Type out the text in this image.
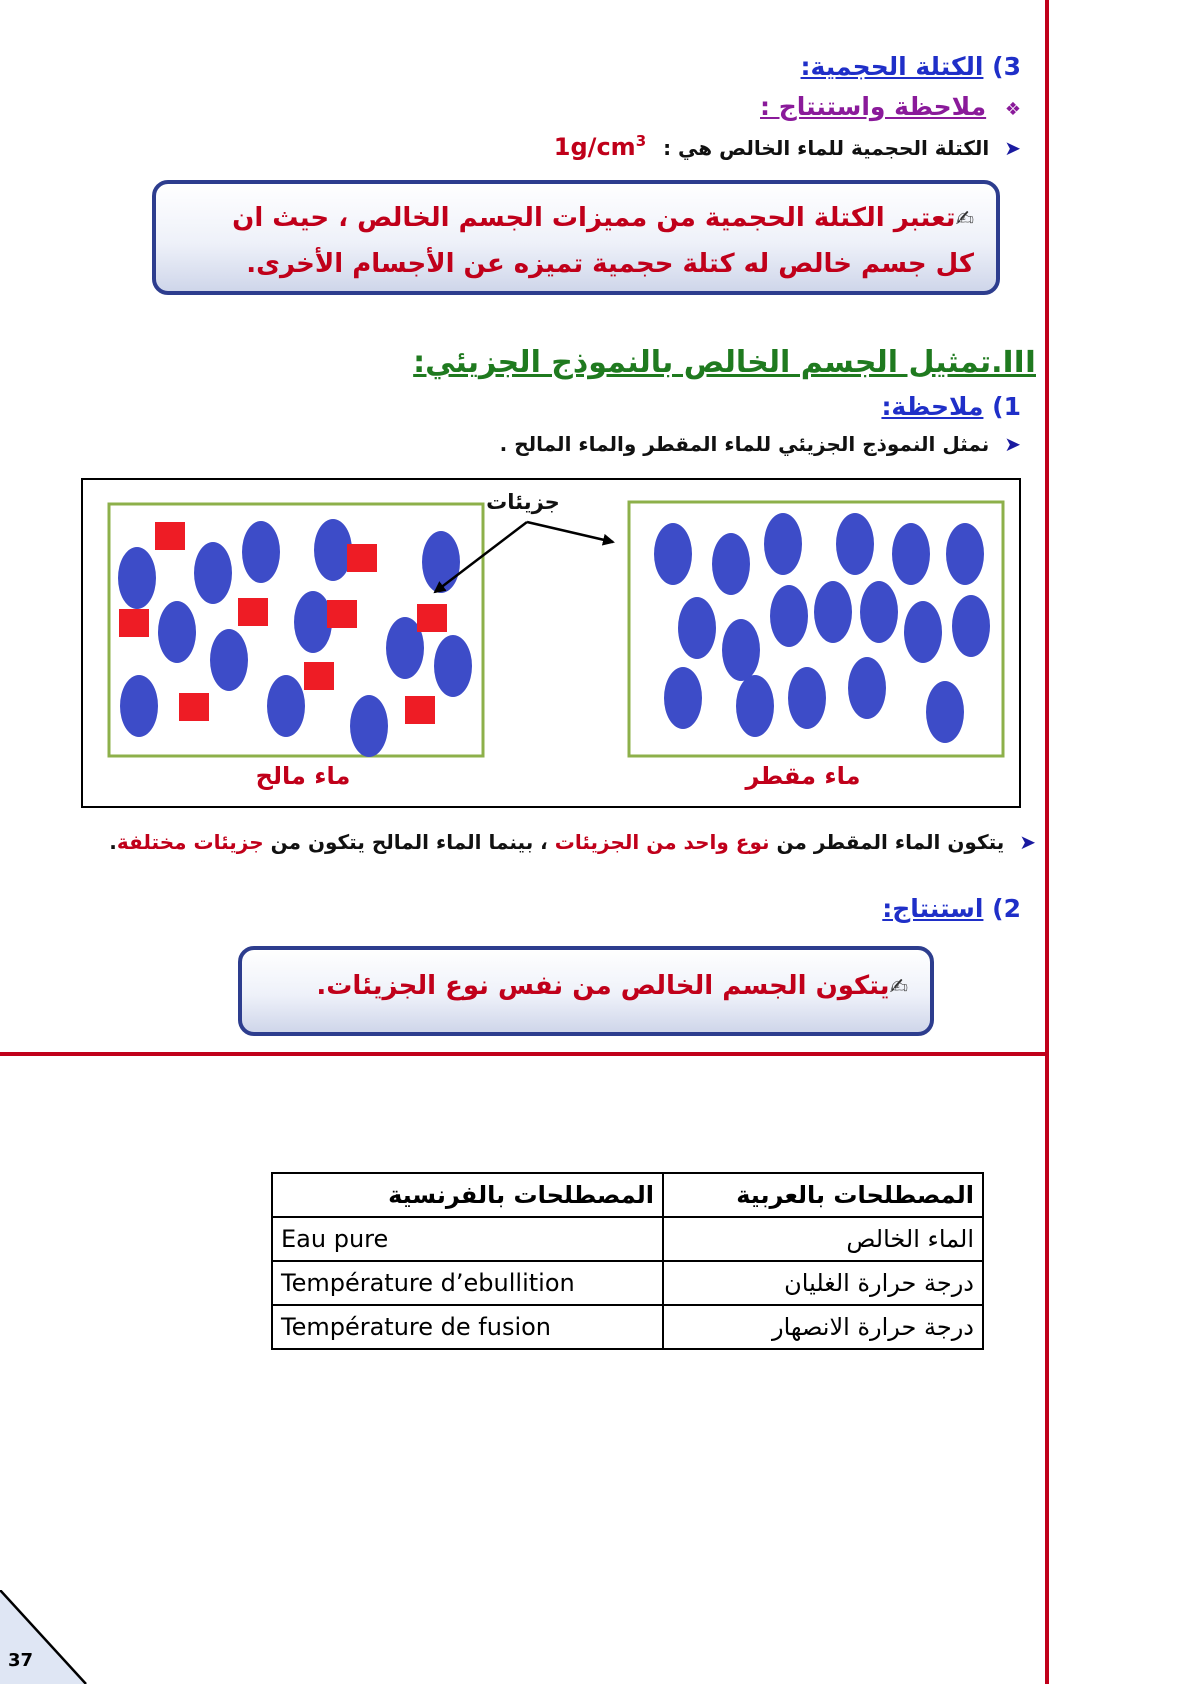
3) الكتلة الحجمية:
❖ ملاحظة واستنتاج :
➤ الكتلة الحجمية للماء الخالص هي : $1g/cm^3$
✍تعتبر الكتلة الحجمية من مميزات الجسم الخالص ، حيث ان
كل جسم خالص له كتلة حجمية تميزه عن الأجسام الأخرى.
III.تمثيل الجسم الخالص بالنموذج الجزيئي:
1) ملاحظة:
➤ نمثل النموذج الجزيئي للماء المقطر والماء المالح .
جزيئات
ماء مالح	ماء مقطر
➤ يتكون الماء المقطر من نوع واحد من الجزيئات ، بينما الماء المالح يتكون من جزيئات مختلفة.
2) استنتاج:
✍يتكون الجسم الخالص من نفس نوع الجزيئات.
المصطلحات بالفرنسية	المصطلحات بالعربية
Eau pure	الماء الخالص
Température d’ebullition	درجة حرارة الغليان
Température de fusion	درجة حرارة الانصهار
37
